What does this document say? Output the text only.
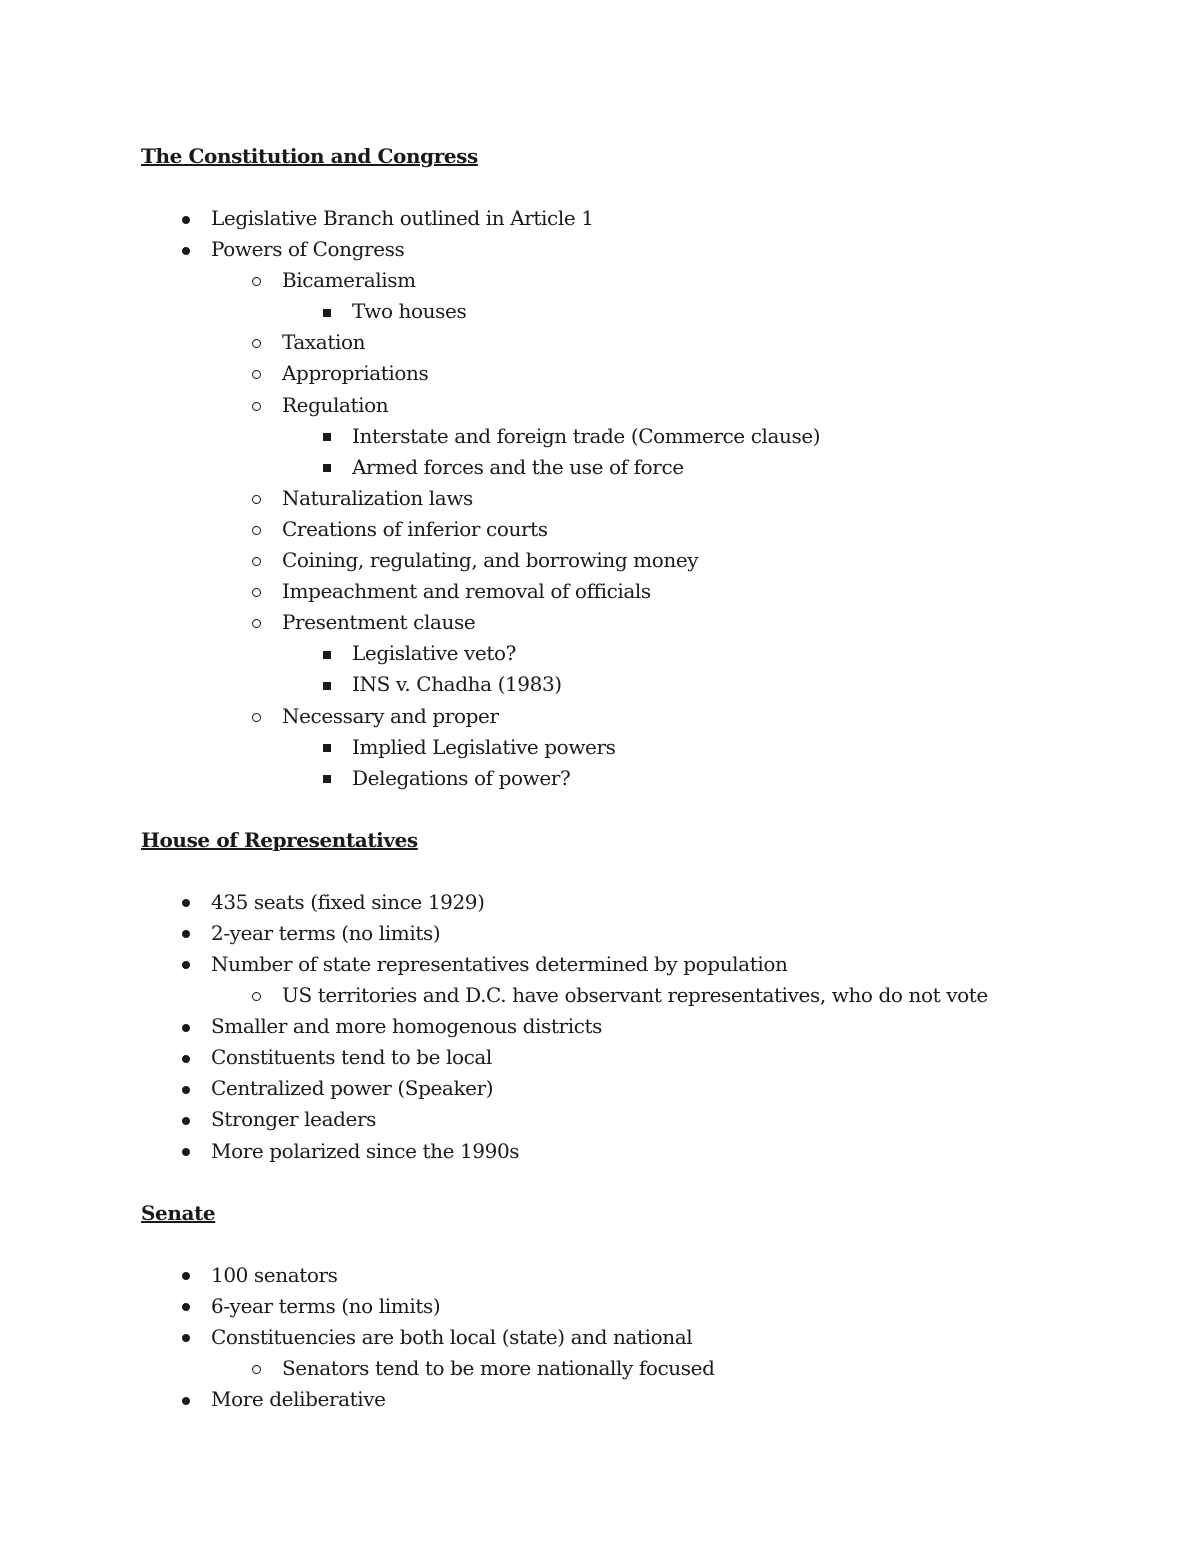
The Constitution and Congress
Legislative Branch outlined in Article 1
Powers of Congress
Bicameralism
Two houses
Taxation
Appropriations
Regulation
Interstate and foreign trade (Commerce clause)
Armed forces and the use of force
Naturalization laws
Creations of inferior courts
Coining, regulating, and borrowing money
Impeachment and removal of officials
Presentment clause
Legislative veto?
INS v. Chadha (1983)
Necessary and proper
Implied Legislative powers
Delegations of power?
House of Representatives
435 seats (fixed since 1929)
2-year terms (no limits)
Number of state representatives determined by population
US territories and D.C. have observant representatives, who do not vote
Smaller and more homogenous districts
Constituents tend to be local
Centralized power (Speaker)
Stronger leaders
More polarized since the 1990s
Senate
100 senators
6-year terms (no limits)
Constituencies are both local (state) and national
Senators tend to be more nationally focused
More deliberative
